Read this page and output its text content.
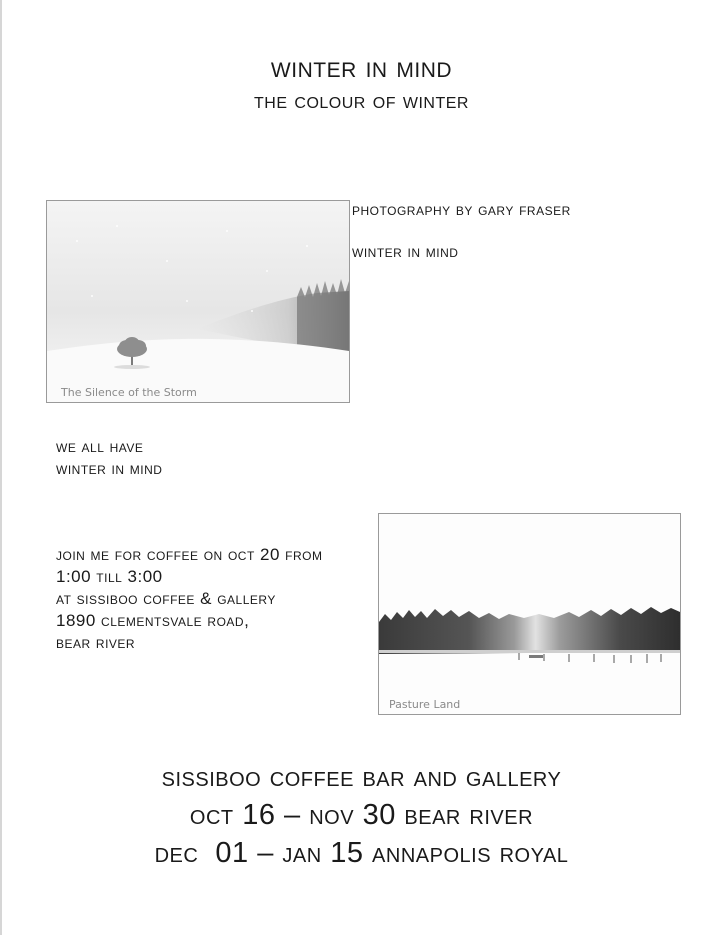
winter in mind
the colour of winter
The Silence of the Storm
photography by gary fraser
winter in mind
we all have
winter in mind
join me for coffee on oct 20 from
1:00 till 3:00
at sissiboo coffee & gallery
1890 clementsvale road,
bear river
Pasture Land
sissiboo coffee bar and gallery
oct 16 – nov 30 bear river
dec  01 – jan 15 annapolis royal
